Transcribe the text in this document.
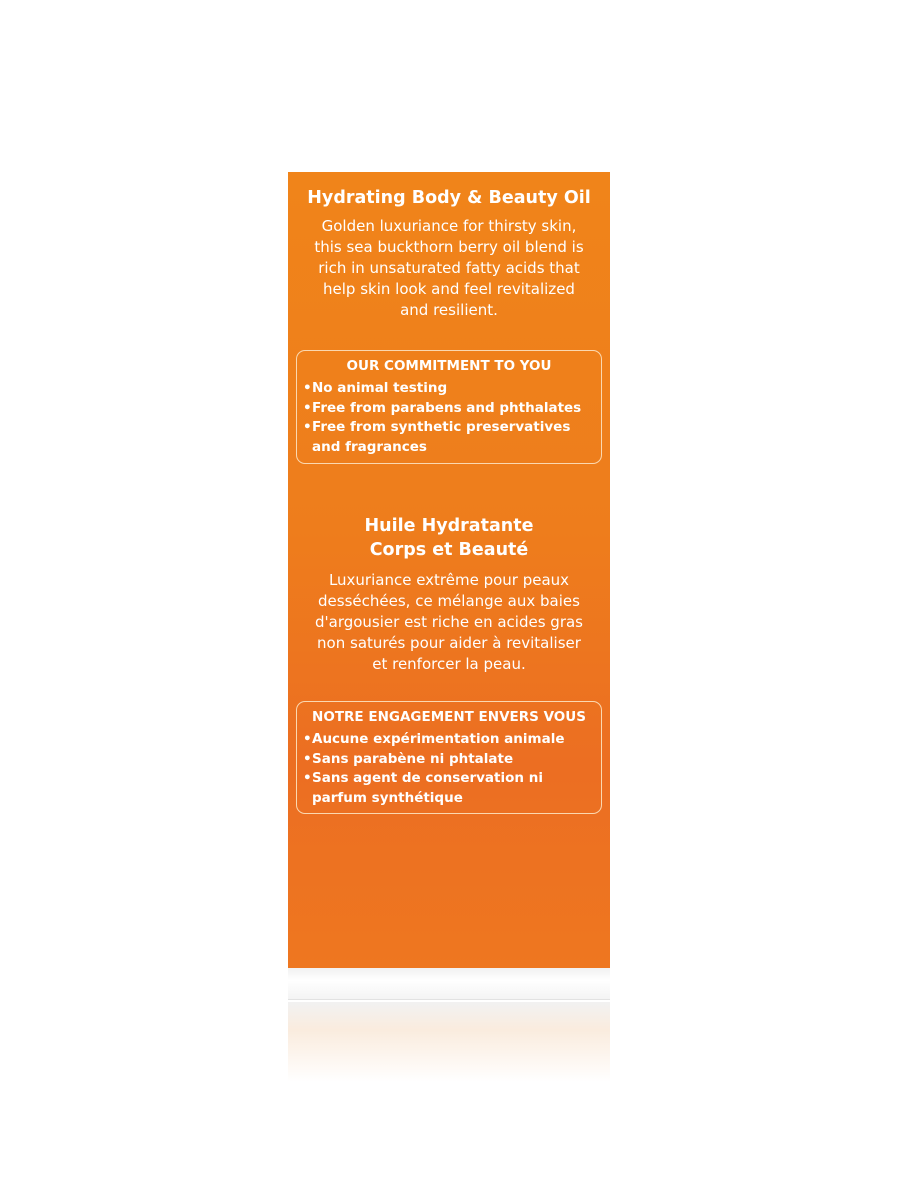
Hydrating Body & Beauty Oil

Golden luxuriance for thirsty skin,

this sea buckthorn berry oil blend is

rich in unsaturated fatty acids that

help skin look and feel revitalized

and resilient.

OUR COMMITMENT TO YOU
• No animal testing
• Free from parabens and phthalates
• Free from synthetic preservatives and fragrances

Huile Hydratante

Corps et Beauté

Luxuriance extrême pour peaux

desséchées, ce mélange aux baies

d'argousier est riche en acides gras

non saturés pour aider à revitaliser

et renforcer la peau.

NOTRE ENGAGEMENT ENVERS VOUS
• Aucune expérimentation animale
• Sans parabène ni phtalate
• Sans agent de conservation ni parfum synthétique
